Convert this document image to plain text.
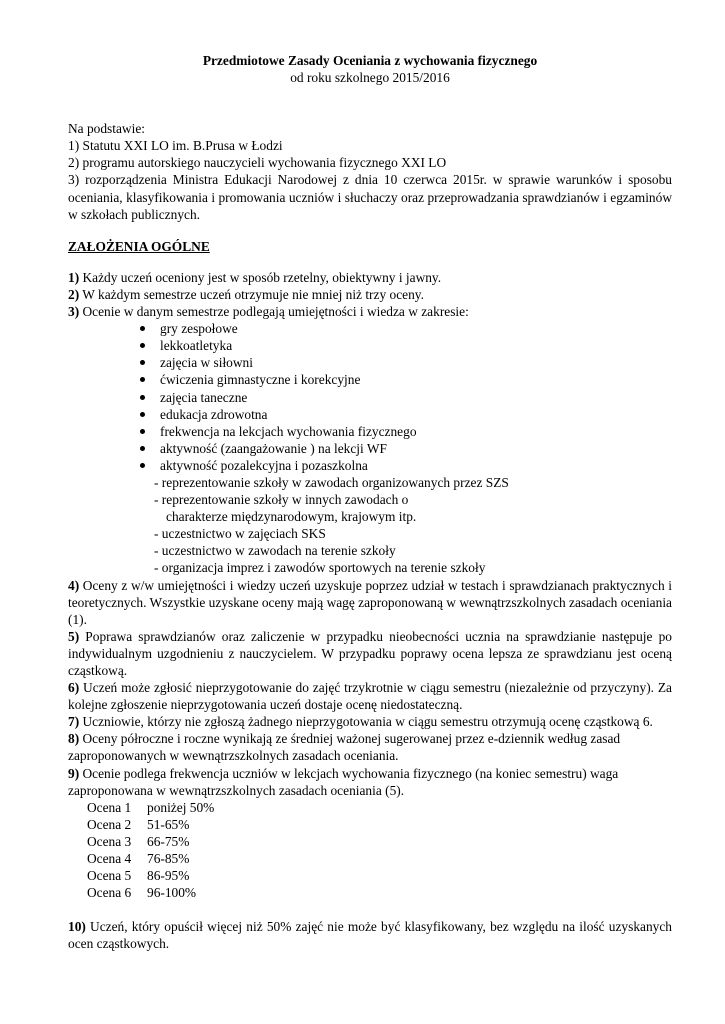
Przedmiotowe Zasady Oceniania z wychowania fizycznego
od roku szkolnego 2015/2016
Na podstawie:
1) Statutu XXI LO im. B.Prusa w Łodzi
2) programu autorskiego nauczycieli wychowania fizycznego XXI LO
3) rozporządzenia Ministra Edukacji Narodowej z dnia 10 czerwca 2015r. w sprawie warunków i sposobu oceniania, klasyfikowania i promowania uczniów i słuchaczy oraz przeprowadzania sprawdzianów i egzaminów w szkołach publicznych.
ZAŁOŻENIA OGÓLNE
1) Każdy uczeń oceniony jest w sposób rzetelny, obiektywny i jawny.
2) W każdym semestrze uczeń otrzymuje nie mniej niż trzy oceny.
3) Ocenie w danym semestrze podlegają umiejętności i wiedza w zakresie:
gry zespołowe
lekkoatletyka
zajęcia w siłowni
ćwiczenia gimnastyczne i korekcyjne
zajęcia taneczne
edukacja zdrowotna
frekwencja na lekcjach wychowania fizycznego
aktywność (zaangażowanie ) na lekcji WF
aktywność pozalekcyjna i pozaszkolna
- reprezentowanie szkoły w zawodach organizowanych przez SZS
- reprezentowanie szkoły w innych zawodach o
charakterze międzynarodowym, krajowym itp.
- uczestnictwo w zajęciach SKS
- uczestnictwo w zawodach na terenie szkoły
- organizacja imprez i zawodów sportowych na terenie szkoły
4) Oceny z w/w umiejętności i wiedzy uczeń uzyskuje poprzez udział w testach i sprawdzianach praktycznych i teoretycznych. Wszystkie uzyskane oceny mają wagę zaproponowaną w wewnątrzszkolnych zasadach oceniania (1).
5) Poprawa sprawdzianów oraz zaliczenie w przypadku nieobecności ucznia na sprawdzianie następuje po indywidualnym uzgodnieniu z nauczycielem. W przypadku poprawy ocena lepsza ze sprawdzianu jest oceną cząstkową.
6) Uczeń może zgłosić nieprzygotowanie do zajęć trzykrotnie w ciągu semestru (niezależnie od przyczyny). Za kolejne zgłoszenie nieprzygotowania uczeń dostaje ocenę niedostateczną.
7) Uczniowie, którzy nie zgłoszą żadnego nieprzygotowania w ciągu semestru otrzymują ocenę cząstkową 6.
8) Oceny półroczne i roczne wynikają ze średniej ważonej sugerowanej przez e-dziennik według zasad zaproponowanych w wewnątrzszkolnych zasadach oceniania.
9) Ocenie podlega frekwencja uczniów w lekcjach wychowania fizycznego (na koniec semestru) waga zaproponowana w wewnątrzszkolnych zasadach oceniania (5).
Ocena 1	poniżej 50%
Ocena 2	51-65%
Ocena 3	66-75%
Ocena 4	76-85%
Ocena 5	86-95%
Ocena 6	96-100%
10) Uczeń, który opuścił więcej niż 50% zajęć nie może być klasyfikowany, bez względu na ilość uzyskanych ocen cząstkowych.
